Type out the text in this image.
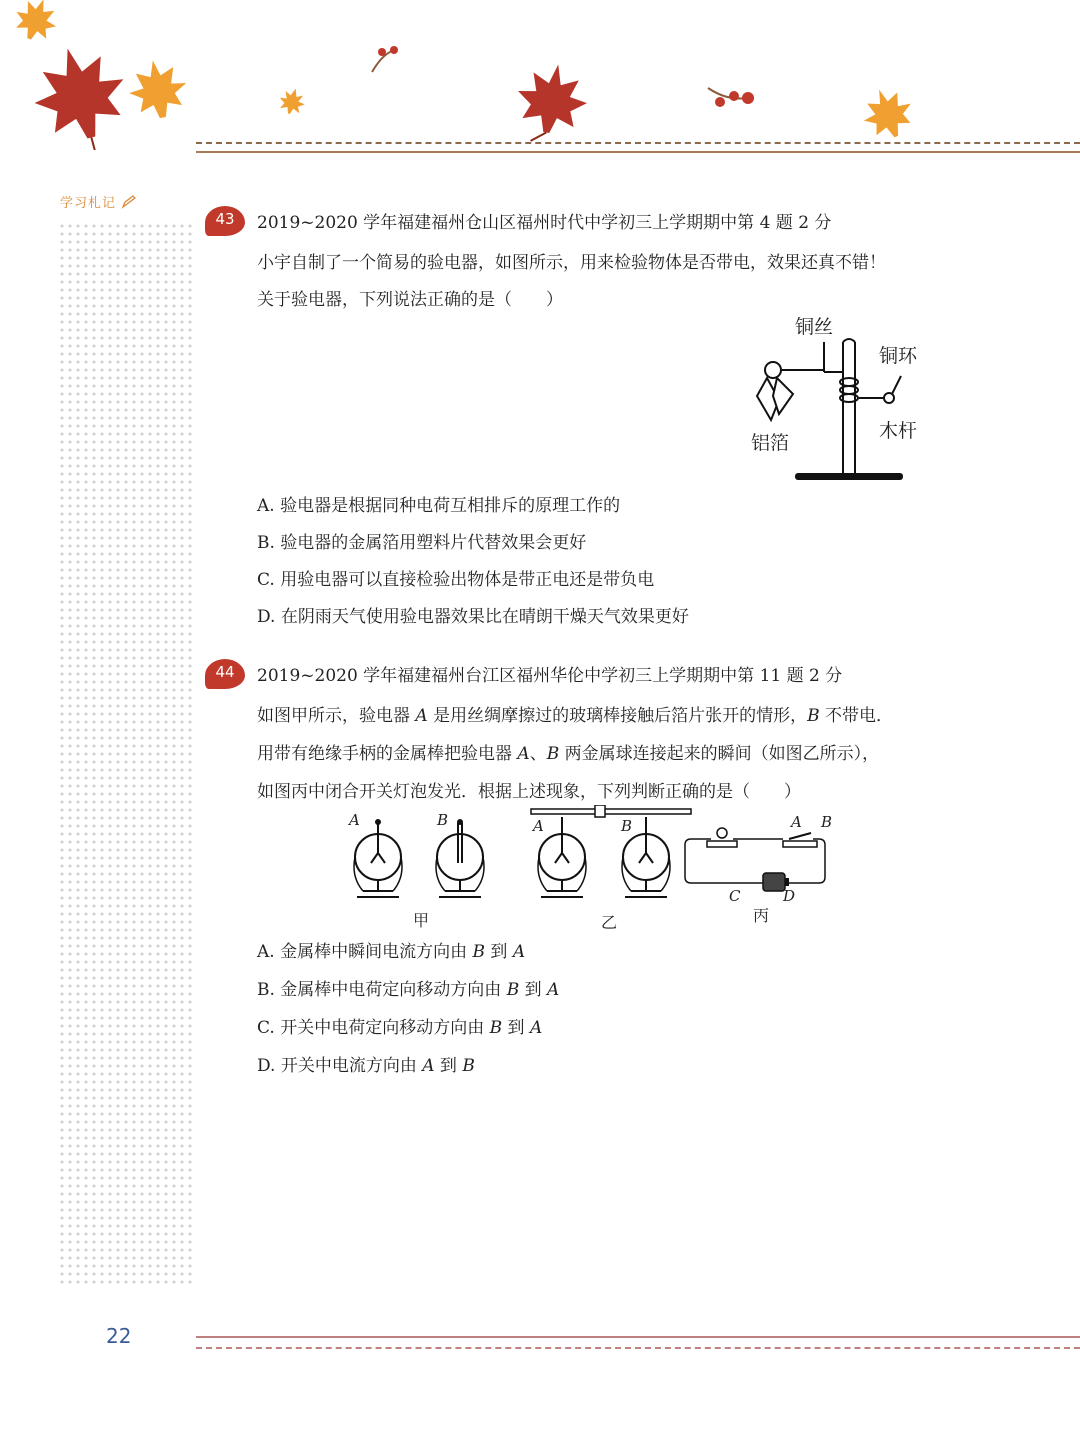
学习札记
43	2019~2020 学年福建福州仓山区福州时代中学初三上学期期中第 4 题 2 分
小宇自制了一个简易的验电器，如图所示，用来检验物体是否带电，效果还真不错！
关于验电器，下列说法正确的是（　　）
铜丝
铜环
铝箔
木杆
A. 验电器是根据同种电荷互相排斥的原理工作的
B. 验电器的金属箔用塑料片代替效果会更好
C. 用验电器可以直接检验出物体是带正电还是带负电
D. 在阴雨天气使用验电器效果比在晴朗干燥天气效果更好
44	2019~2020 学年福建福州台江区福州华伦中学初三上学期期中第 11 题 2 分
如图甲所示，验电器 A 是用丝绸摩擦过的玻璃棒接触后箔片张开的情形，B 不带电．
用带有绝缘手柄的金属棒把验电器 A、B 两金属球连接起来的瞬间（如图乙所示），
如图丙中闭合开关灯泡发光．根据上述现象，下列判断正确的是（　　）
A	B
甲
A	B
乙
A B
C	D
丙
A. 金属棒中瞬间电流方向由 B 到 A
B. 金属棒中电荷定向移动方向由 B 到 A
C. 开关中电荷定向移动方向由 B 到 A
D. 开关中电流方向由 A 到 B
22
